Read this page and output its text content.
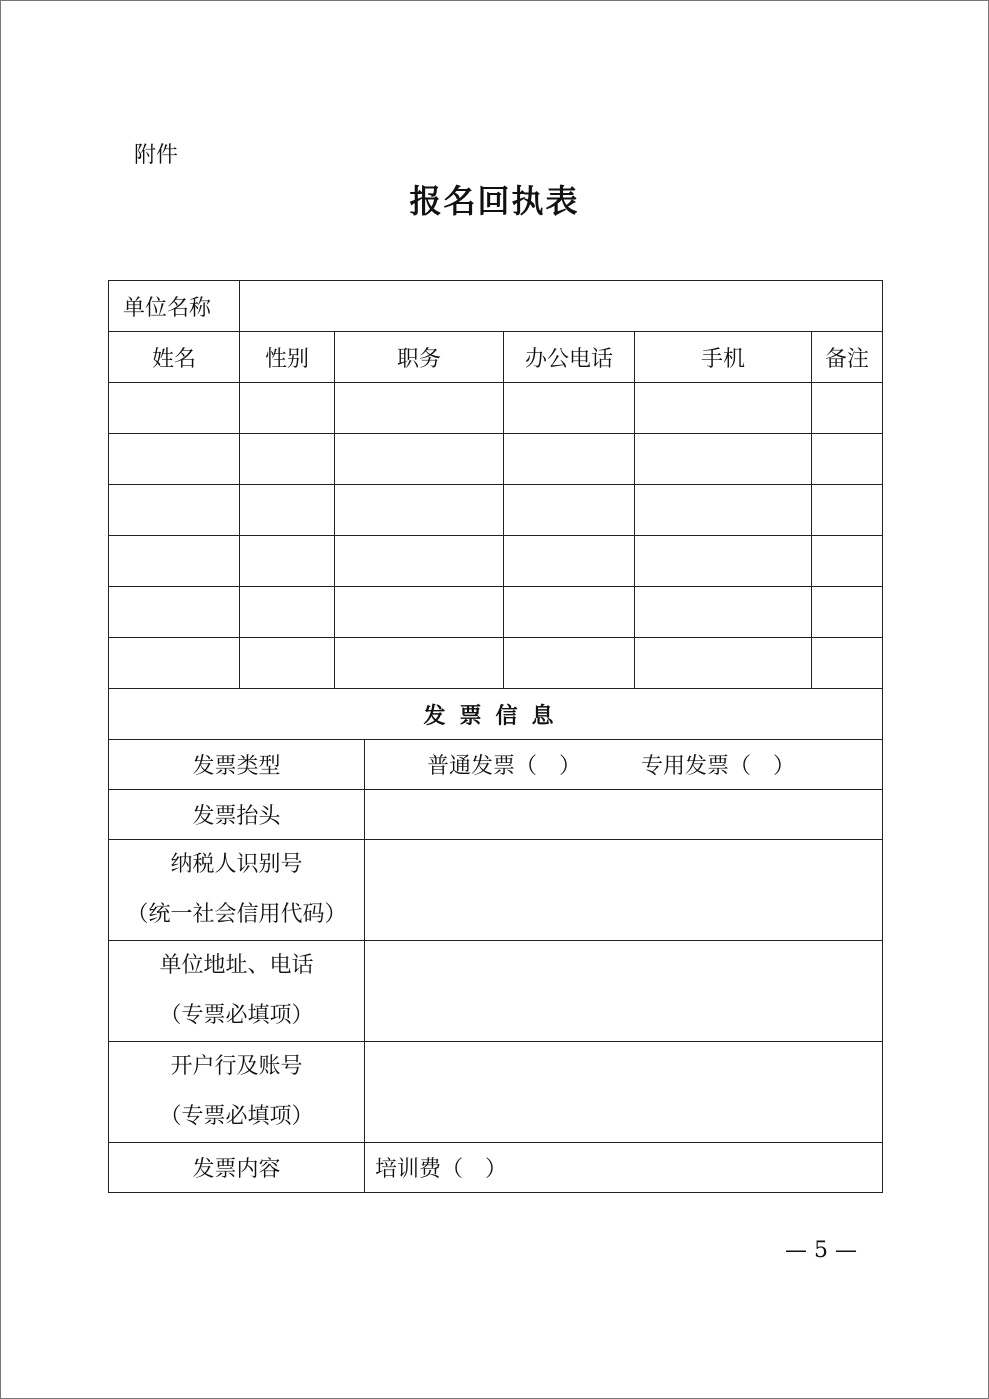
附件
报名回执表
单位名称					
姓名	性别	职务	办公电话	手机	备注

发票信息					
发票类型	普通发票（　） 专用发票（　）
发票抬头	

纳税人识别号
（统一社会信用代码）	

单位地址、电话
（专票必填项）	

开户行及账号
（专票必填项）	

发票内容	培训费（　）
— 5 —
